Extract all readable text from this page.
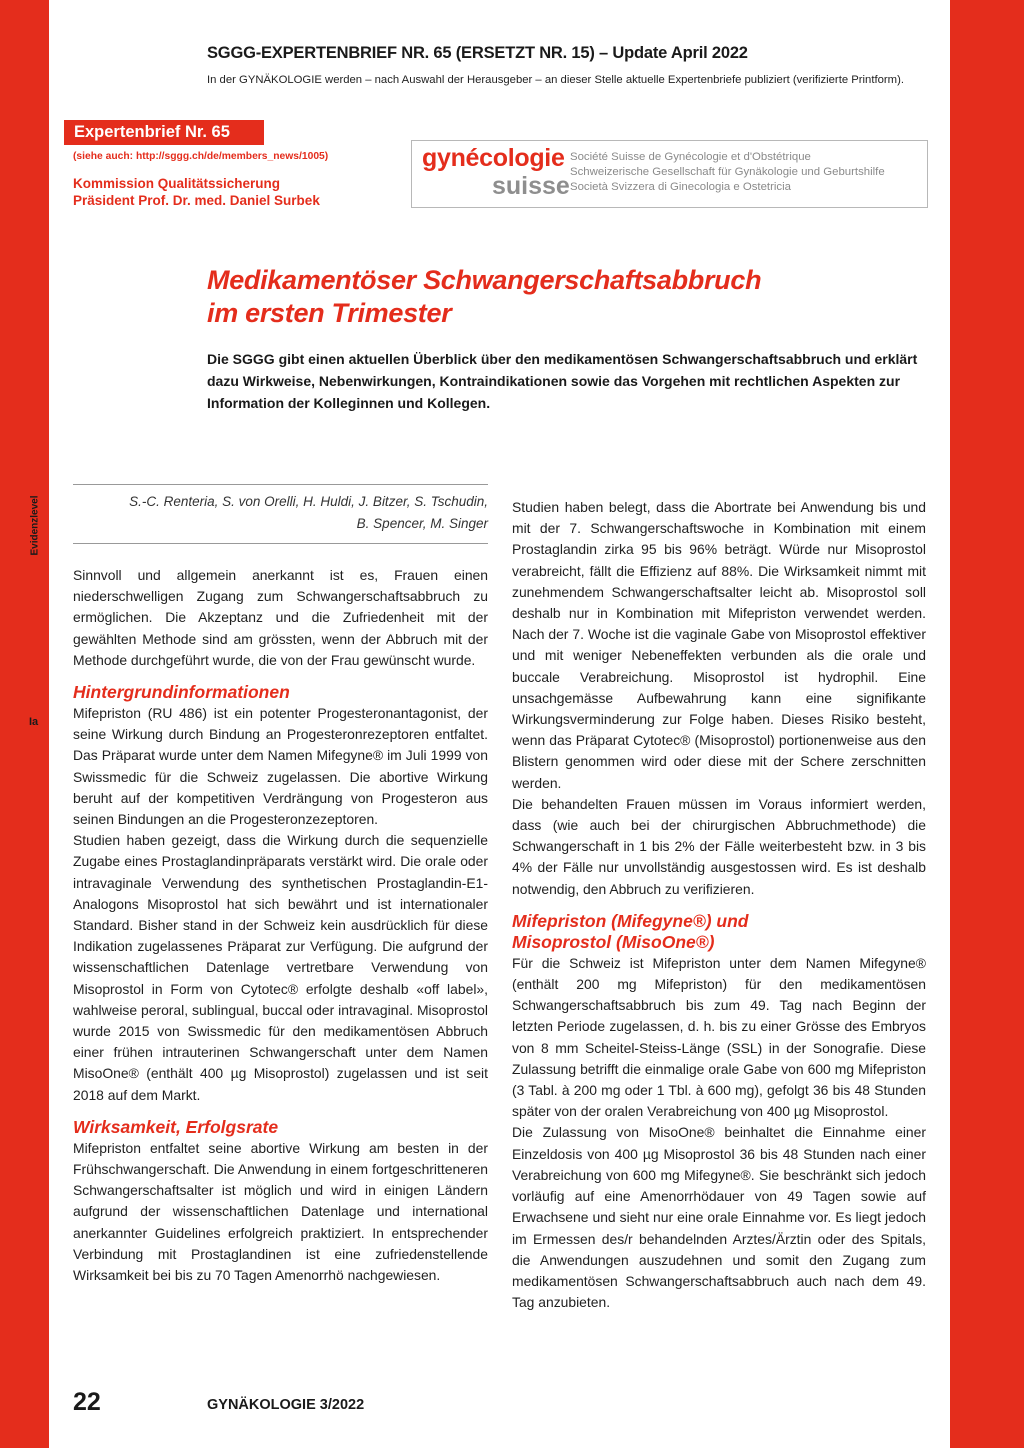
SGGG-EXPERTENBRIEF NR. 65 (ERSETZT NR. 15) – Update April 2022
In der GYNÄKOLOGIE werden – nach Auswahl der Herausgeber – an dieser Stelle aktuelle Expertenbriefe publiziert (verifizierte Printform).
Expertenbrief Nr. 65
(siehe auch: http://sggg.ch/de/members_news/1005)
Kommission Qualitätssicherung
Präsident Prof. Dr. med. Daniel Surbek
gynécologie
suisse
Société Suisse de Gynécologie et d'Obstétrique
Schweizerische Gesellschaft für Gynäkologie und Geburtshilfe
Società Svizzera di Ginecologia e Ostetricia
Medikamentöser Schwangerschaftsabbruch
im ersten Trimester
Die SGGG gibt einen aktuellen Überblick über den medikamentösen Schwangerschaftsabbruch und erklärt dazu Wirkweise, Nebenwirkungen, Kontraindikationen sowie das Vorgehen mit rechtlichen Aspekten zur Information der Kolleginnen und Kollegen.
Evidenzlevel
Ia
S.-C. Renteria, S. von Orelli, H. Huldi, J. Bitzer, S. Tschudin,
B. Spencer, M. Singer

Sinnvoll und allgemein anerkannt ist es, Frauen einen niederschwelligen Zugang zum Schwangerschaftsabbruch zu ermöglichen. Die Akzeptanz und die Zufriedenheit mit der gewählten Methode sind am grössten, wenn der Abbruch mit der Methode durchgeführt wurde, die von der Frau gewünscht wurde.

Hintergrundinformationen

Mifepriston (RU 486) ist ein potenter Progesteronantagonist, der seine Wirkung durch Bindung an Progesteronrezeptoren entfaltet. Das Präparat wurde unter dem Namen Mifegyne® im Juli 1999 von Swissmedic für die Schweiz zugelassen. Die abortive Wirkung beruht auf der kompetitiven Verdrängung von Progesteron aus seinen Bindungen an die Progesteronzezeptoren.

Studien haben gezeigt, dass die Wirkung durch die sequenzielle Zugabe eines Prostaglandinpräparats verstärkt wird. Die orale oder intravaginale Verwendung des synthetischen Prostaglandin-E1-Analogons Misoprostol hat sich bewährt und ist internationaler Standard. Bisher stand in der Schweiz kein ausdrücklich für diese Indikation zugelassenes Präparat zur Verfügung. Die aufgrund der wissenschaftlichen Datenlage vertretbare Verwendung von Misoprostol in Form von Cytotec® erfolgte deshalb «off label», wahlweise peroral, sublingual, buccal oder intravaginal. Misoprostol wurde 2015 von Swissmedic für den medikamentösen Abbruch einer frühen intrauterinen Schwangerschaft unter dem Namen MisoOne® (enthält 400 µg Misoprostol) zugelassen und ist seit 2018 auf dem Markt.

Wirksamkeit, Erfolgsrate

Mifepriston entfaltet seine abortive Wirkung am besten in der Frühschwangerschaft. Die Anwendung in einem fortgeschritteneren Schwangerschaftsalter ist möglich und wird in einigen Ländern aufgrund der wissenschaftlichen Datenlage und international anerkannter Guidelines erfolgreich praktiziert. In entsprechender Verbindung mit Prostaglandinen ist eine zufriedenstellende Wirksamkeit bei bis zu 70 Tagen Amenorrhö nachgewiesen.

Studien haben belegt, dass die Abortrate bei Anwendung bis und mit der 7. Schwangerschaftswoche in Kombination mit einem Prostaglandin zirka 95 bis 96% beträgt. Würde nur Misoprostol verabreicht, fällt die Effizienz auf 88%. Die Wirksamkeit nimmt mit zunehmendem Schwangerschaftsalter leicht ab. Misoprostol soll deshalb nur in Kombination mit Mifepriston verwendet werden. Nach der 7. Woche ist die vaginale Gabe von Misoprostol effektiver und mit weniger Nebeneffekten verbunden als die orale und buccale Verabreichung. Misoprostol ist hydrophil. Eine unsachgemässe Aufbewahrung kann eine signifikante Wirkungsverminderung zur Folge haben. Dieses Risiko besteht, wenn das Präparat Cytotec® (Misoprostol) portionenweise aus den Blistern genommen wird oder diese mit der Schere zerschnitten werden.

Die behandelten Frauen müssen im Voraus informiert werden, dass (wie auch bei der chirurgischen Abbruchmethode) die Schwangerschaft in 1 bis 2% der Fälle weiterbesteht bzw. in 3 bis 4% der Fälle nur unvollständig ausgestossen wird. Es ist deshalb notwendig, den Abbruch zu verifizieren.

Mifepriston (Mifegyne®) und
Misoprostol (MisoOne®)

Für die Schweiz ist Mifepriston unter dem Namen Mifegyne® (enthält 200 mg Mifepriston) für den medikamentösen Schwangerschaftsabbruch bis zum 49. Tag nach Beginn der letzten Periode zugelassen, d. h. bis zu einer Grösse des Embryos von 8 mm Scheitel-Steiss-Länge (SSL) in der Sonografie. Diese Zulassung betrifft die einmalige orale Gabe von 600 mg Mifepriston (3 Tabl. à 200 mg oder 1 Tbl. à 600 mg), gefolgt 36 bis 48 Stunden später von der oralen Verabreichung von 400 µg Misoprostol.

Die Zulassung von MisoOne® beinhaltet die Einnahme einer Einzeldosis von 400 µg Misoprostol 36 bis 48 Stunden nach einer Verabreichung von 600 mg Mifegyne®. Sie beschränkt sich jedoch vorläufig auf eine Amenorrhödauer von 49 Tagen sowie auf Erwachsene und sieht nur eine orale Einnahme vor. Es liegt jedoch im Ermessen des/r behandelnden Arztes/Ärztin oder des Spitals, die Anwendungen auszudehnen und somit den Zugang zum medikamentösen Schwangerschaftsabbruch auch nach dem 49. Tag anzubieten.

22	GYNÄKOLOGIE 3/2022
